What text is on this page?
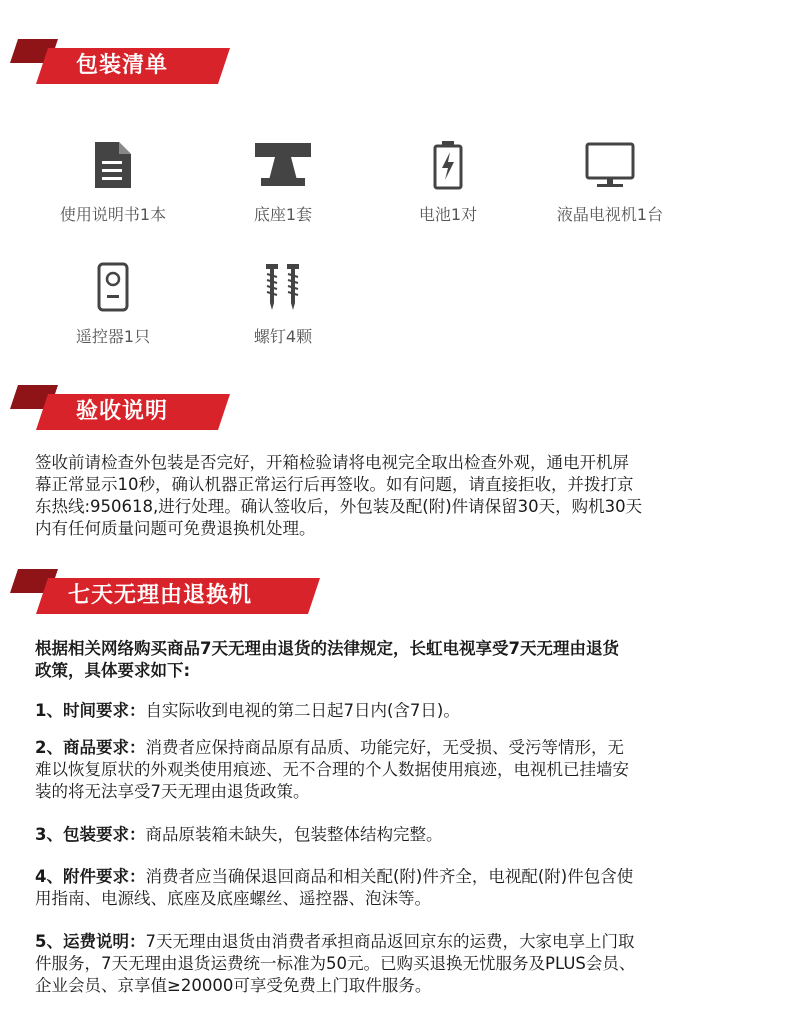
包装清单
使用说明书1本	底座1套	电池1对	液晶电视机1台
遥控器1只	螺钉4颗
验收说明
签收前请检查外包装是否完好，开箱检验请将电视完全取出检查外观，通电开机屏
幕正常显示10秒，确认机器正常运行后再签收。如有问题，请直接拒收，并拨打京
东热线:950618,进行处理。确认签收后，外包装及配(附)件请保留30天，购机30天
内有任何质量问题可免费退换机处理。
七天无理由退换机
根据相关网络购买商品7天无理由退货的法律规定，长虹电视享受7天无理由退货
政策，具体要求如下:
1、时间要求：自实际收到电视的第二日起7日内(含7日)。
2、商品要求：消费者应保持商品原有品质、功能完好，无受损、受污等情形，无
难以恢复原状的外观类使用痕迹、无不合理的个人数据使用痕迹，电视机已挂墙安
装的将无法享受7天无理由退货政策。
3、包装要求：商品原装箱未缺失，包装整体结构完整。
4、附件要求：消费者应当确保退回商品和相关配(附)件齐全，电视配(附)件包含使
用指南、电源线、底座及底座螺丝、遥控器、泡沫等。
5、运费说明：7天无理由退货由消费者承担商品返回京东的运费，大家电享上门取
件服务，7天无理由退货运费统一标准为50元。已购买退换无忧服务及PLUS会员、
企业会员、京享值≥20000可享受免费上门取件服务。
